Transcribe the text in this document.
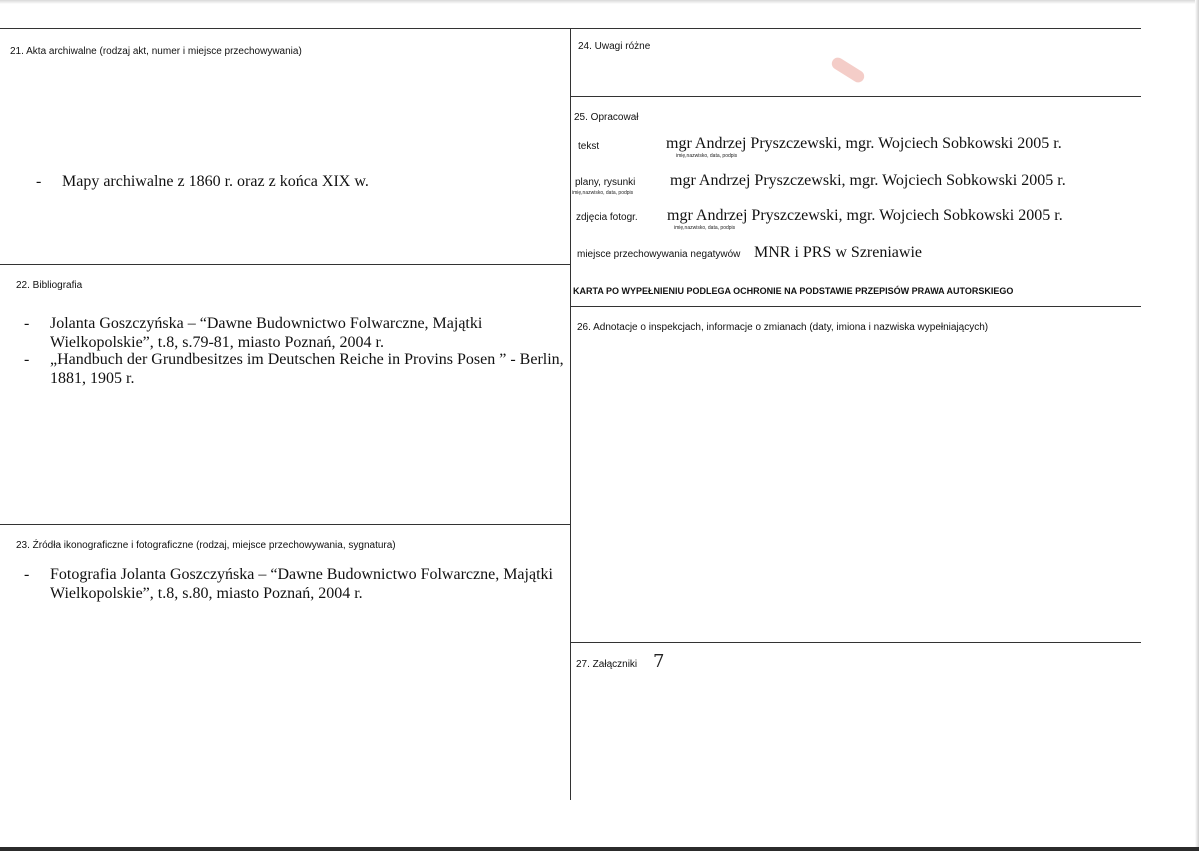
21. Akta archiwalne (rodzaj akt, numer i miejsce przechowywania)
-	Mapy archiwalne z 1860 r. oraz z końca XIX w.
22. Bibliografia
-	Jolanta Goszczyńska – “Dawne Budownictwo Folwarczne, Majątki
Wielkopolskie”, t.8, s.79-81, miasto Poznań, 2004 r.
-	„Handbuch der Grundbesitzes im Deutschen Reiche in Provins Posen ” - Berlin,
1881, 1905 r.
23. Źródła ikonograficzne i fotograficzne (rodzaj, miejsce przechowywania, sygnatura)
-	Fotografia Jolanta Goszczyńska – “Dawne Budownictwo Folwarczne, Majątki
Wielkopolskie”, t.8, s.80, miasto Poznań, 2004 r.
24. Uwagi różne
25. Opracował
tekst	mgr Andrzej Pryszczewski, mgr. Wojciech Sobkowski 2005 r.
imię,nazwisko, data, podpis
plany, rysunki mgr Andrzej Pryszczewski, mgr. Wojciech Sobkowski 2005 r.
imię,nazwisko, data, podpis
zdjęcia fotogr. mgr Andrzej Pryszczewski, mgr. Wojciech Sobkowski 2005 r.
imię,nazwisko, data, podpis
miejsce przechowywania negatywów MNR i PRS w Szreniawie
KARTA PO WYPEŁNIENIU PODLEGA OCHRONIE NA PODSTAWIE PRZEPISÓW PRAWA AUTORSKIEGO
26. Adnotacje o inspekcjach, informacje o zmianach (daty, imiona i nazwiska wypełniających)
27. Załączniki 7
